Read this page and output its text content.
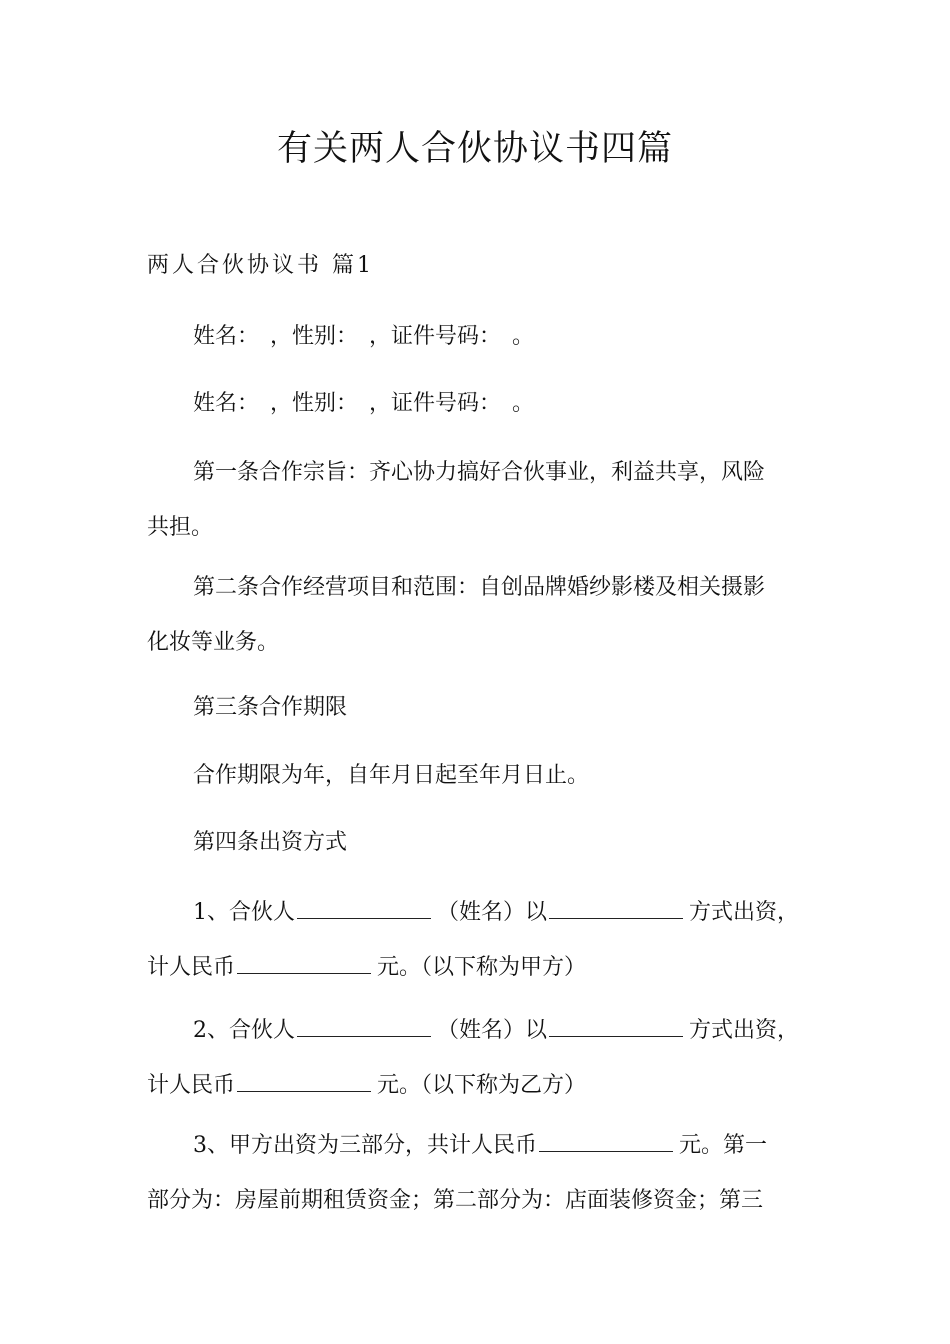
有关两人合伙协议书四篇
两人合伙协议书 篇1
姓名：　，性别：　，证件号码：　。
姓名：　，性别：　，证件号码：　。
第一条合作宗旨：齐心协力搞好合伙事业，利益共享，风险
共担。
第二条合作经营项目和范围：自创品牌婚纱影楼及相关摄影
化妆等业务。
第三条合作期限
合作期限为年，自年月日起至年月日止。
第四条出资方式
1、合伙人	（姓名）以	方式出资，
计人民币	元。（以下称为甲方）
2、合伙人	（姓名）以	方式出资，
计人民币	元。（以下称为乙方）
3、甲方出资为三部分，共计人民币	元。第一
部分为：房屋前期租赁资金；第二部分为：店面装修资金；第三
